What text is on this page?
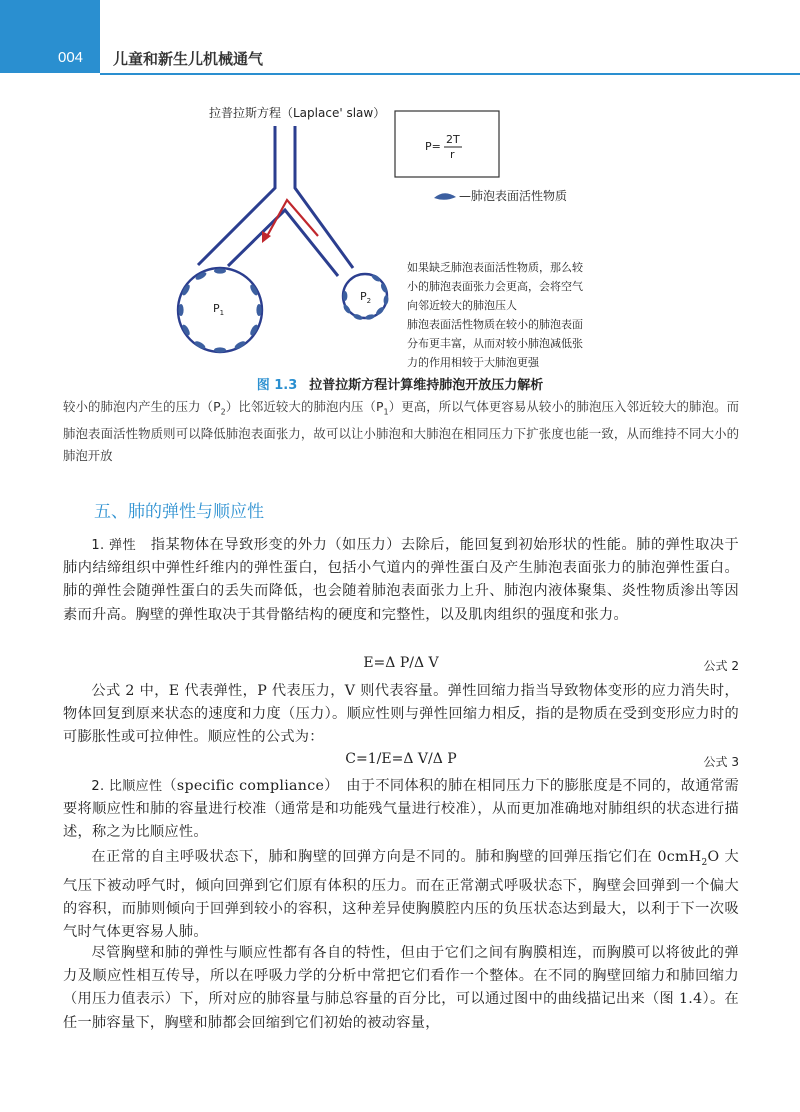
004 儿童和新生儿机械通气
拉普拉斯方程（Laplace' slaw）
P=
2T
r
—肺泡表面活性物质
$P_1$
$P_2$
如果缺乏肺泡表面活性物质，那么较
小的肺泡表面张力会更高，会将空气
向邻近较大的肺泡压人
肺泡表面活性物质在较小的肺泡表面
分布更丰富，从而对较小肺泡减低张
力的作用相较于大肺泡更强
图 1.3 拉普拉斯方程计算维持肺泡开放压力解析
较小的肺泡内产生的压力$(P_2)$比邻近较大的肺泡内压$(P_1)$更高，所以气体更容易从较小的肺泡压入邻近较大的肺泡。而肺泡表面活性物质则可以降低肺泡表面张力，故可以让小肺泡和大肺泡在相同压力下扩张度也能一致，从而维持不同大小的肺泡开放
五、肺的弹性与顺应性

1. 弹性　指某物体在导致形变的外力（如压力）去除后，能回复到初始形状的性能。肺的弹性取决于肺内结缔组织中弹性纤维内的弹性蛋白，包括小气道内的弹性蛋白及产生肺泡表面张力的肺泡弹性蛋白。肺的弹性会随弹性蛋白的丢失而降低，也会随着肺泡表面张力上升、肺泡内液体聚集、炎性物质渗出等因素而升高。胸壁的弹性取决于其骨骼结构的硬度和完整性，以及肌肉组织的强度和张力。

E=Δ P/Δ V	公式 2

公式 2 中，E 代表弹性，P 代表压力，V 则代表容量。弹性回缩力指当导致物体变形的应力消失时，物体回复到原来状态的速度和力度（压力）。顺应性则与弹性回缩力相反，指的是物质在受到变形应力时的可膨胀性或可拉伸性。顺应性的公式为：

C=1/E=Δ V/Δ P	公式 3

2. 比顺应性（specific compliance）　由于不同体积的肺在相同压力下的膨胀度是不同的，故通常需要将顺应性和肺的容量进行校准（通常是和功能残气量进行校准），从而更加准确地对肺组织的状态进行描述，称之为比顺应性。

在正常的自主呼吸状态下，肺和胸壁的回弹方向是不同的。肺和胸壁的回弹压指它们在 0cmH$_2$O 大气压下被动呼气时，倾向回弹到它们原有体积的压力。而在正常潮式呼吸状态下，胸壁会回弹到一个偏大的容积，而肺则倾向于回弹到较小的容积，这种差异使胸膜腔内压的负压状态达到最大，以利于下一次吸气时气体更容易人肺。

尽管胸壁和肺的弹性与顺应性都有各自的特性，但由于它们之间有胸膜相连，而胸膜可以将彼此的弹力及顺应性相互传导，所以在呼吸力学的分析中常把它们看作一个整体。在不同的胸壁回缩力和肺回缩力（用压力值表示）下，所对应的肺容量与肺总容量的百分比，可以通过图中的曲线描记出来（图 1.4）。在任一肺容量下，胸壁和肺都会回缩到它们初始的被动容量，
